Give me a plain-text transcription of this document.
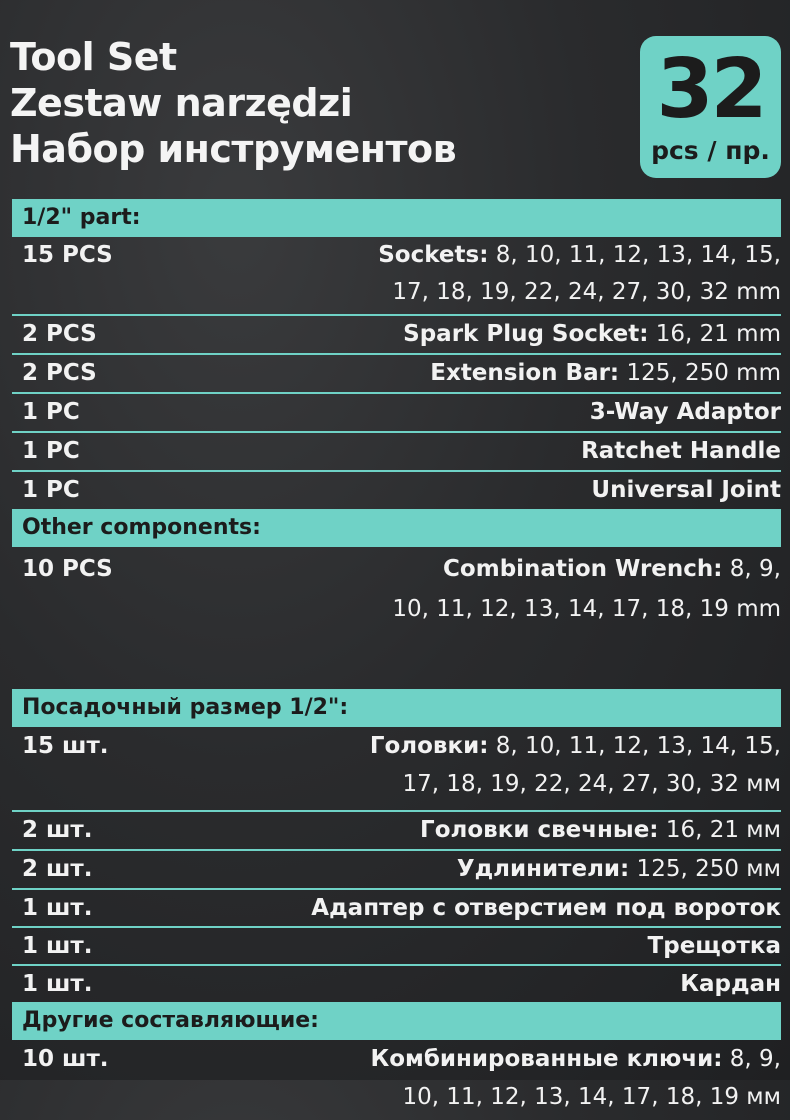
Tool Set
Zestaw narzędzi
Набор инструментов
32
pcs / пр.
1/2" part:
15 PCS	Sockets: 8, 10, 11, 12, 13, 14, 15,
17, 18, 19, 22, 24, 27, 30, 32 mm
2 PCS	Spark Plug Socket: 16, 21 mm
2 PCS	Extension Bar: 125, 250 mm
1 PC	3-Way Adaptor
1 PC	Ratchet Handle
1 PC	Universal Joint
Other components:
10 PCS	Combination Wrench: 8, 9,
10, 11, 12, 13, 14, 17, 18, 19 mm
Посадочный размер 1/2":
15 шт.	Головки: 8, 10, 11, 12, 13, 14, 15,
17, 18, 19, 22, 24, 27, 30, 32 мм
2 шт.	Головки свечные: 16, 21 мм
2 шт.	Удлинители: 125, 250 мм
1 шт.	Адаптер с отверстием под вороток
1 шт.	Трещотка
1 шт.	Кардан
Другие составляющие:
10 шт.	Комбинированные ключи: 8, 9,
10, 11, 12, 13, 14, 17, 18, 19 мм
